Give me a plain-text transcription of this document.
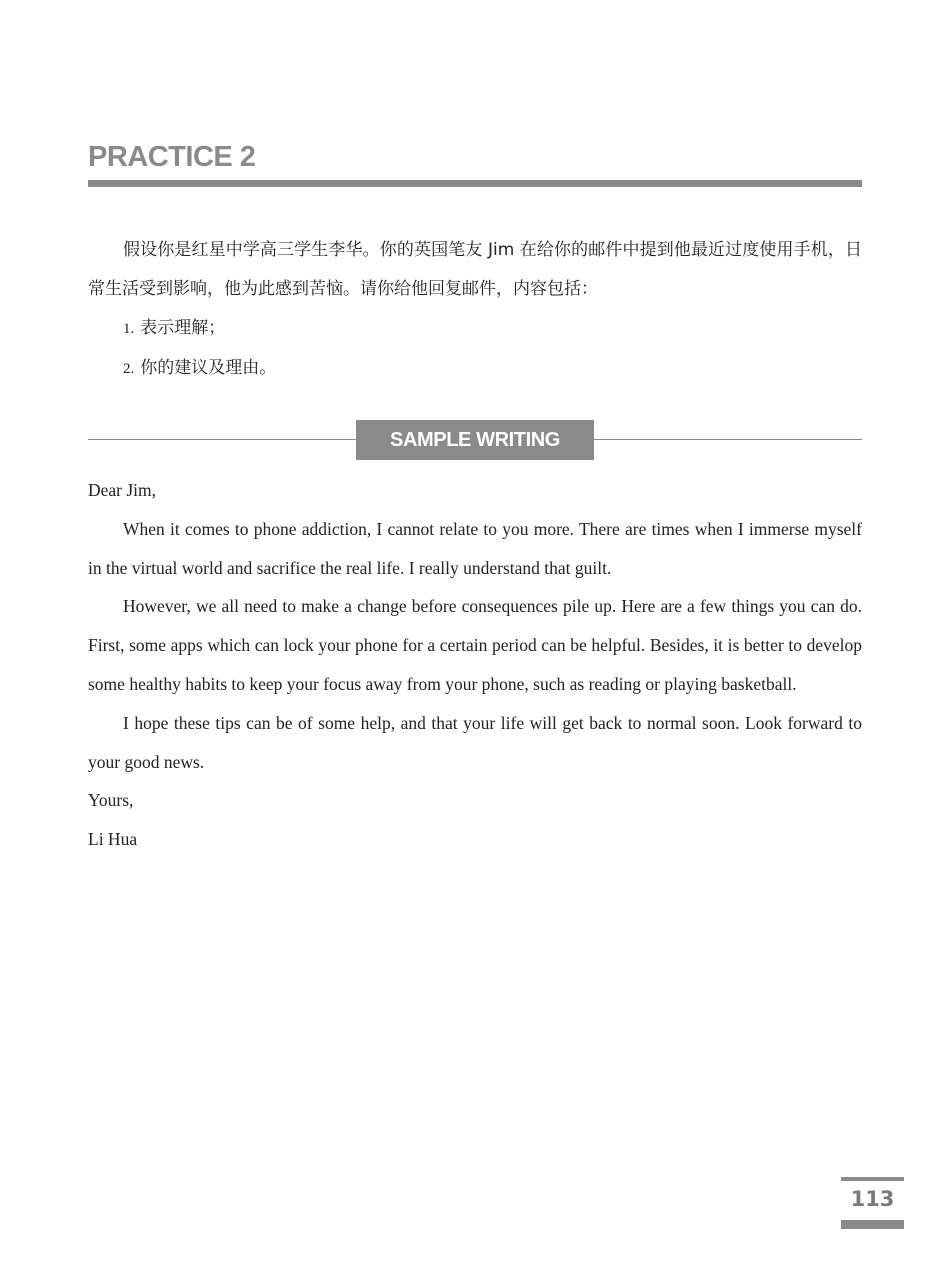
PRACTICE 2

假设你是红星中学高三学生李华。你的英国笔友 Jim 在给你的邮件中提到他最近过度使用手机，日常生活受到影响，他为此感到苦恼。请你给他回复邮件，内容包括：

1. 表示理解；

2. 你的建议及理由。

SAMPLE WRITING

Dear Jim,

When it comes to phone addiction, I cannot relate to you more. There are times when I immerse myself in the virtual world and sacrifice the real life. I really understand that guilt.

However, we all need to make a change before consequences pile up. Here are a few things you can do. First, some apps which can lock your phone for a certain period can be helpful. Besides, it is better to develop some healthy habits to keep your focus away from your phone, such as reading or playing basketball.

I hope these tips can be of some help, and that your life will get back to normal soon. Look forward to your good news.

Yours,

Li Hua

113
